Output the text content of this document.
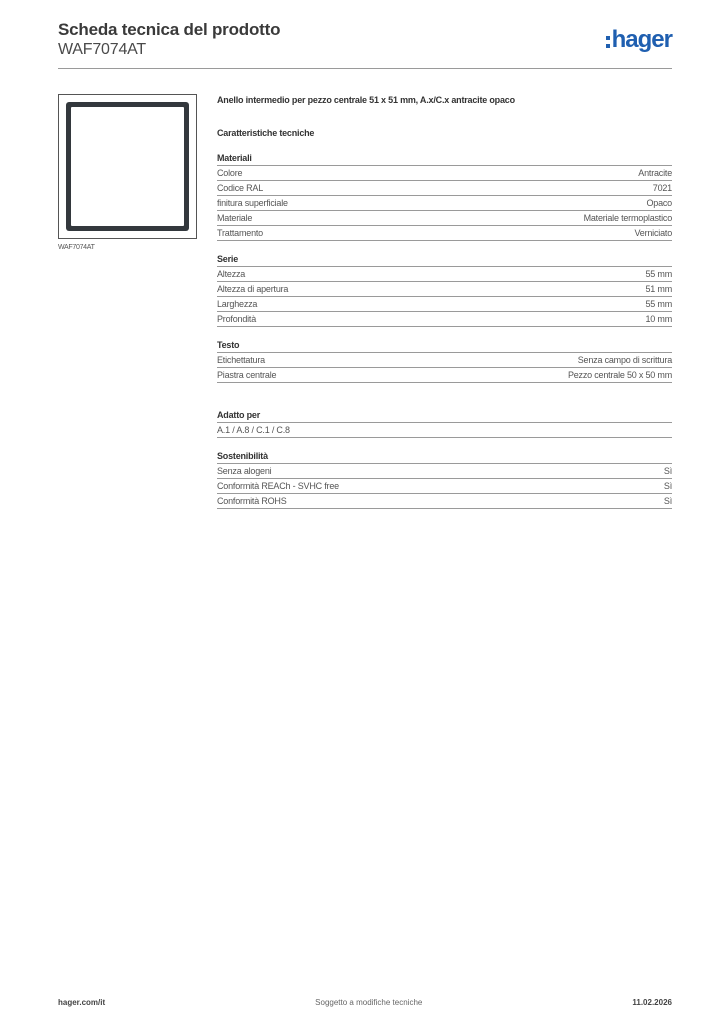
Scheda tecnica del prodotto
WAF7074AT	hager
WAF7074AT
Anello intermedio per pezzo centrale 51 x 51 mm, A.x/C.x antracite opaco
Caratteristiche tecniche
Materiali
Colore	Antracite
Codice RAL	7021
finitura superficiale	Opaco
Materiale	Materiale termoplastico
Trattamento	Verniciato
Serie
Altezza	55 mm
Altezza di apertura	51 mm
Larghezza	55 mm
Profondità	10 mm
Testo
Etichettatura	Senza campo di scrittura
Piastra centrale	Pezzo centrale 50 x 50 mm
Adatto per
A.1 / A.8 / C.1 / C.8
Sostenibilità
Senza alogeni	Sì
Conformità REACh - SVHC free	Sì
Conformità ROHS	Sì
hager.com/it	Soggetto a modifiche tecniche	11.02.2026
